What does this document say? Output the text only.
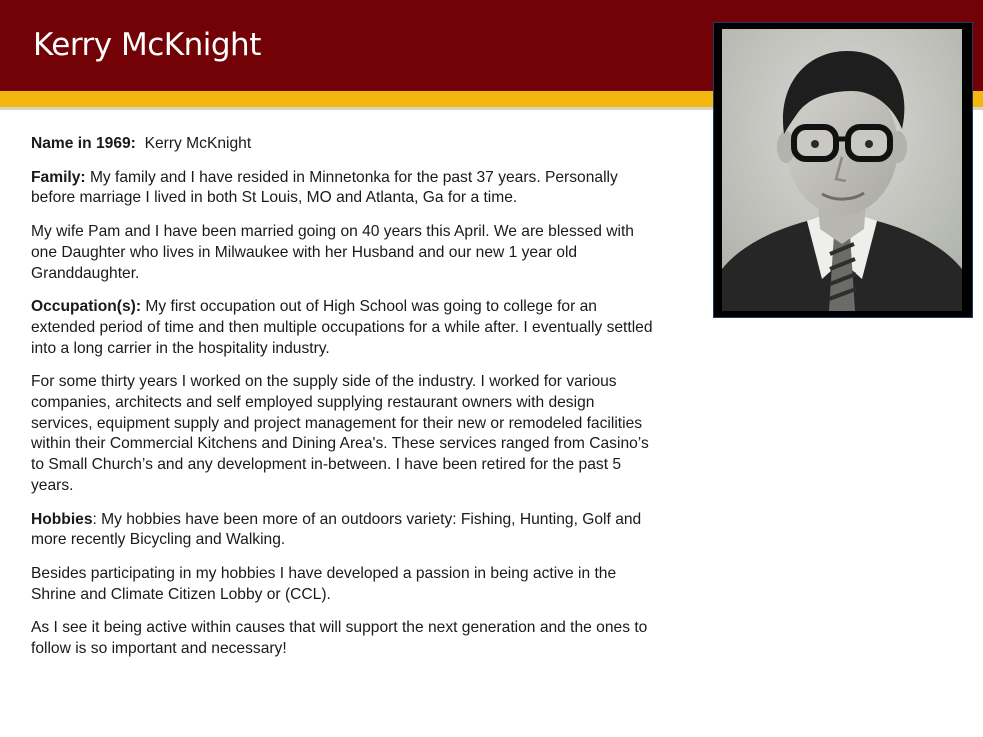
Kerry McKnight

Name in 1969: Kerry McKnight

Family: My family and I have resided in Minnetonka for the past 37 years. Personally before marriage I lived in both St Louis, MO and Atlanta, Ga for a time.

My wife Pam and I have been married going on 40 years this April. We are blessed with one Daughter who lives in Milwaukee with her Husband and our new 1 year old Granddaughter.

Occupation(s): My first occupation out of High School was going to college for an extended period of time and then multiple occupations for a while after. I eventually settled into a long carrier in the hospitality industry.

For some thirty years I worked on the supply side of the industry. I worked for various companies, architects and self employed supplying restaurant owners with design services, equipment supply and project management for their new or remodeled facilities within their Commercial Kitchens and Dining Area's. These services ranged from Casino’s to Small Church’s and any development in-between. I have been retired for the past 5 years.

Hobbies: My hobbies have been more of an outdoors variety: Fishing, Hunting, Golf and more recently Bicycling and Walking.

Besides participating in my hobbies I have developed a passion in being active in the Shrine and Climate Citizen Lobby or (CCL).

As I see it being active within causes that will support the next generation and the ones to follow is so important and necessary!
